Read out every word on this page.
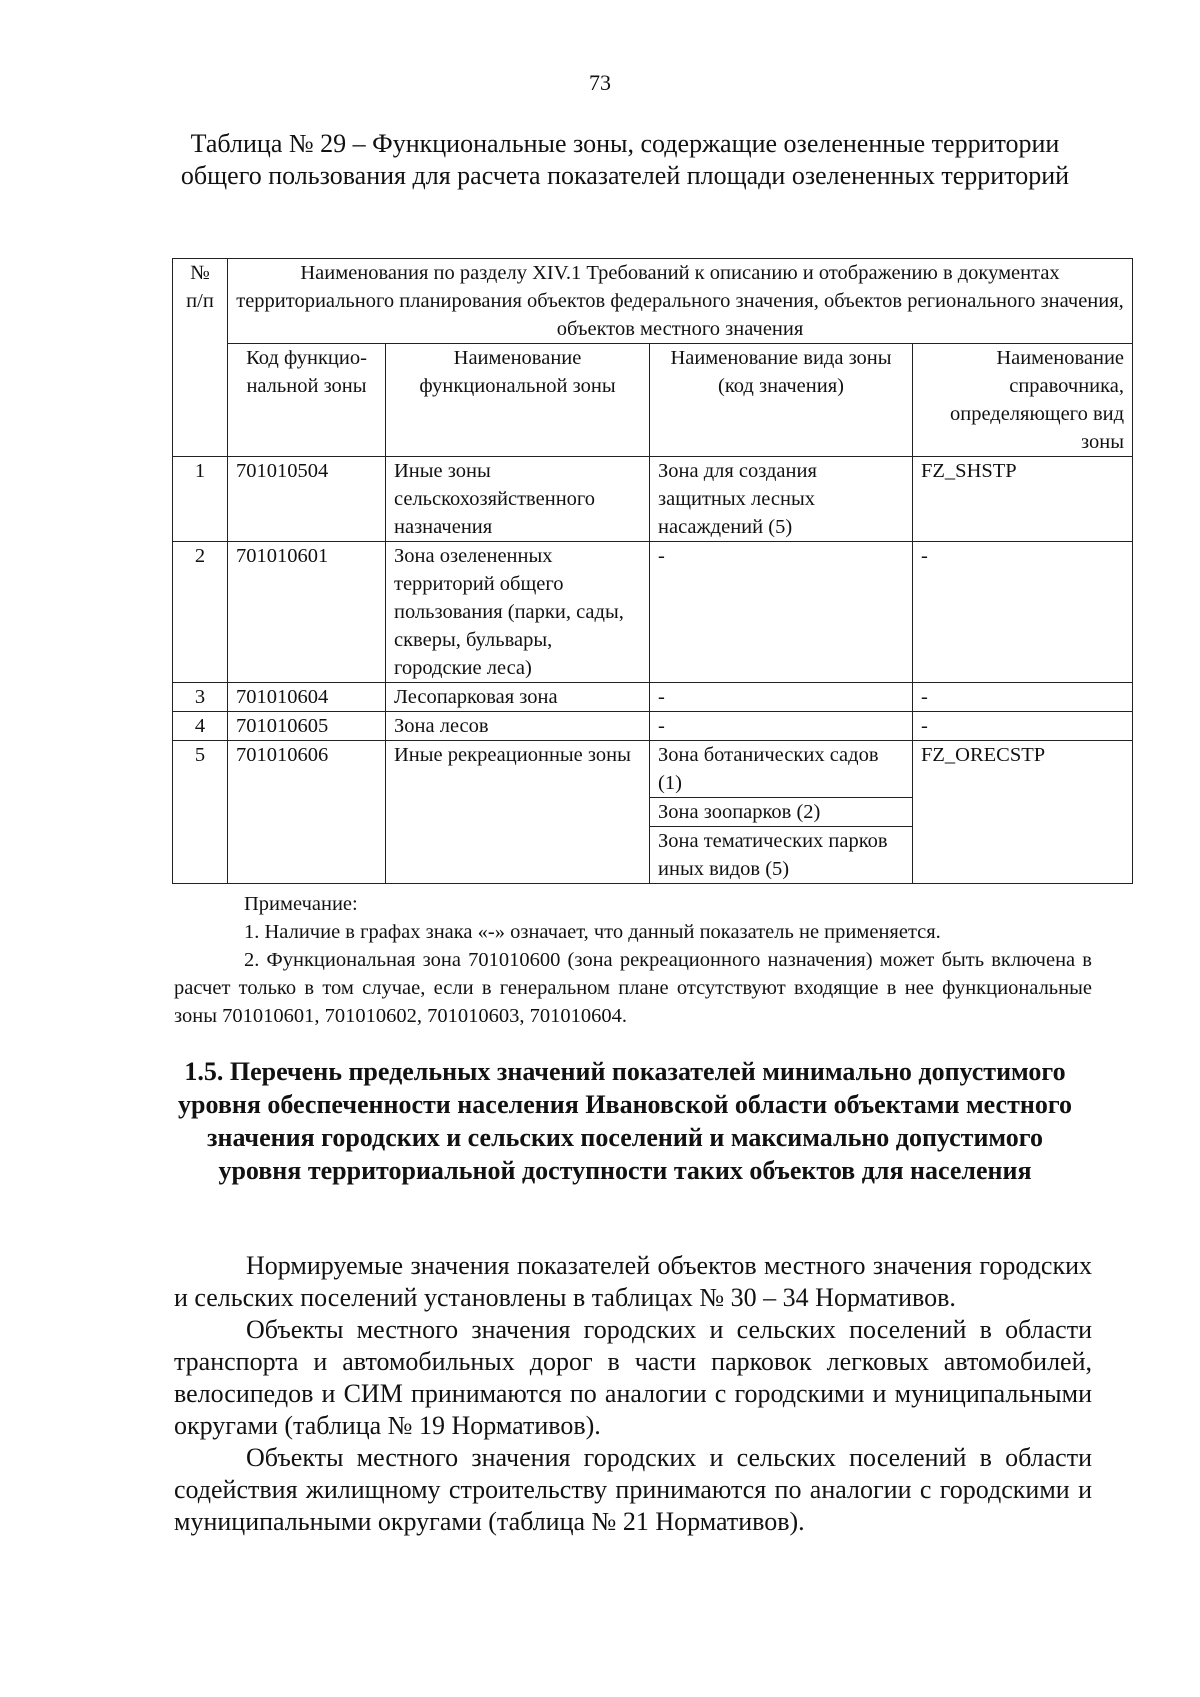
73
Таблица № 29 – Функциональные зоны, содержащие озелененные территории общего пользования для расчета показателей площади озелененных территорий
№ п/п	Наименования по разделу XIV.1 Требований к описанию и отображению в документах территориального планирования объектов федерального значения, объектов регионального значения, объектов местного значения			
	Код функцио-нальной зоны	Наименование функциональной зоны	Наименование вида зоны (код значения)	Наименование справочника, определяющего вид зоны
1	701010504	Иные зоны сельскохозяйственного назначения	Зона для создания защитных лесных насаждений (5)	FZ_SHSTP
2	701010601	Зона озелененных территорий общего пользования (парки, сады, скверы, бульвары, городские леса)	-	-
3	701010604	Лесопарковая зона	-	-
4	701010605	Зона лесов	-	-
5	701010606	Иные рекреационные зоны	Зона ботанических садов (1)	FZ_ORECSTP
			Зона зоопарков (2)	
			Зона тематических парков иных видов (5)	

Примечание:

1. Наличие в графах знака «-» означает, что данный показатель не применяется.

2. Функциональная зона 701010600 (зона рекреационного назначения) может быть включена в расчет только в том случае, если в генеральном плане отсутствуют входящие в нее функциональные зоны 701010601, 701010602, 701010603, 701010604.

1.5. Перечень предельных значений показателей минимально допустимого уровня обеспеченности населения Ивановской области объектами местного значения городских и сельских поселений и максимально допустимого уровня территориальной доступности таких объектов для населения

Нормируемые значения показателей объектов местного значения городских и сельских поселений установлены в таблицах № 30 – 34 Нормативов.

Объекты местного значения городских и сельских поселений в области транспорта и автомобильных дорог в части парковок легковых автомобилей, велосипедов и СИМ принимаются по аналогии с городскими и муниципальными округами (таблица № 19 Нормативов).

Объекты местного значения городских и сельских поселений в области содействия жилищному строительству принимаются по аналогии с городскими и муниципальными округами (таблица № 21 Нормативов).
